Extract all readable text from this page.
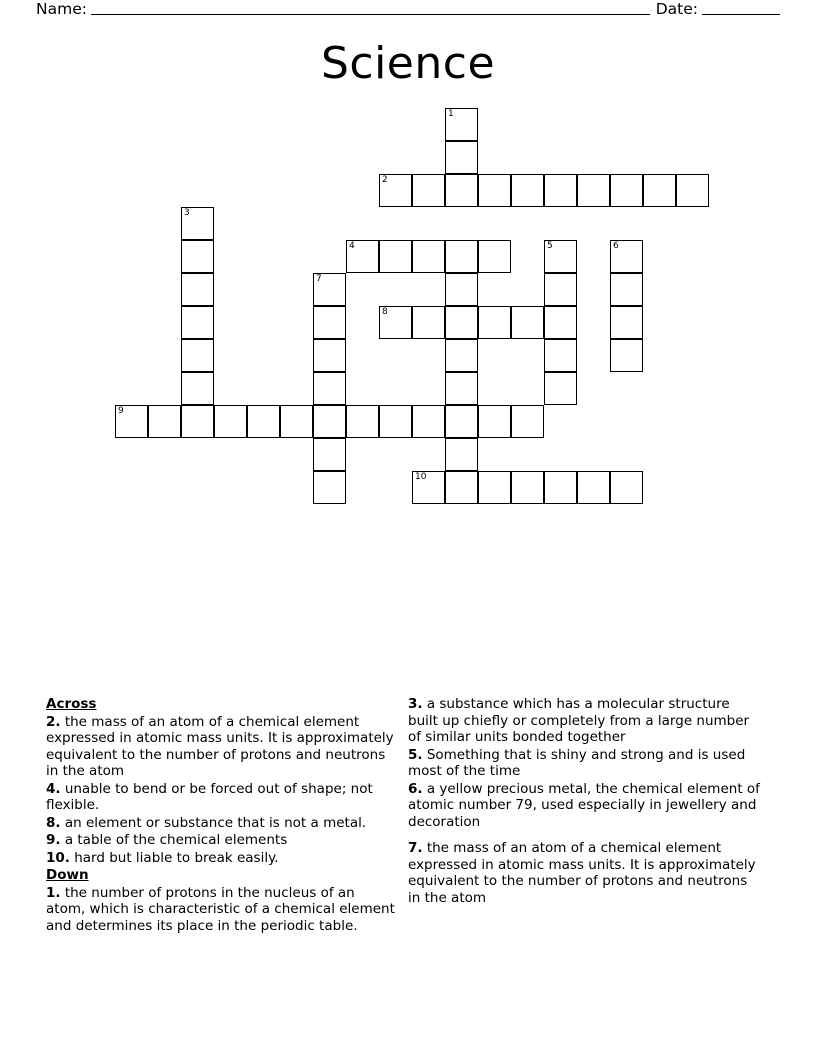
Name:	Date:
Science
1
2
3
4	5	6
7
8
9
10
Across
2. the mass of an atom of a chemical element expressed in atomic mass units. It is approximately equivalent to the number of protons and neutrons in the atom
4. unable to bend or be forced out of shape; not flexible.
8. an element or substance that is not a metal.
9. a table of the chemical elements
10. hard but liable to break easily.
Down
1. the number of protons in the nucleus of an atom, which is characteristic of a chemical element and determines its place in the periodic table.
3. a substance which has a molecular structure built up chiefly or completely from a large number of similar units bonded together
5. Something that is shiny and strong and is used most of the time
6. a yellow precious metal, the chemical element of atomic number 79, used especially in jewellery and decoration
7. the mass of an atom of a chemical element expressed in atomic mass units. It is approximately equivalent to the number of protons and neutrons in the atom
